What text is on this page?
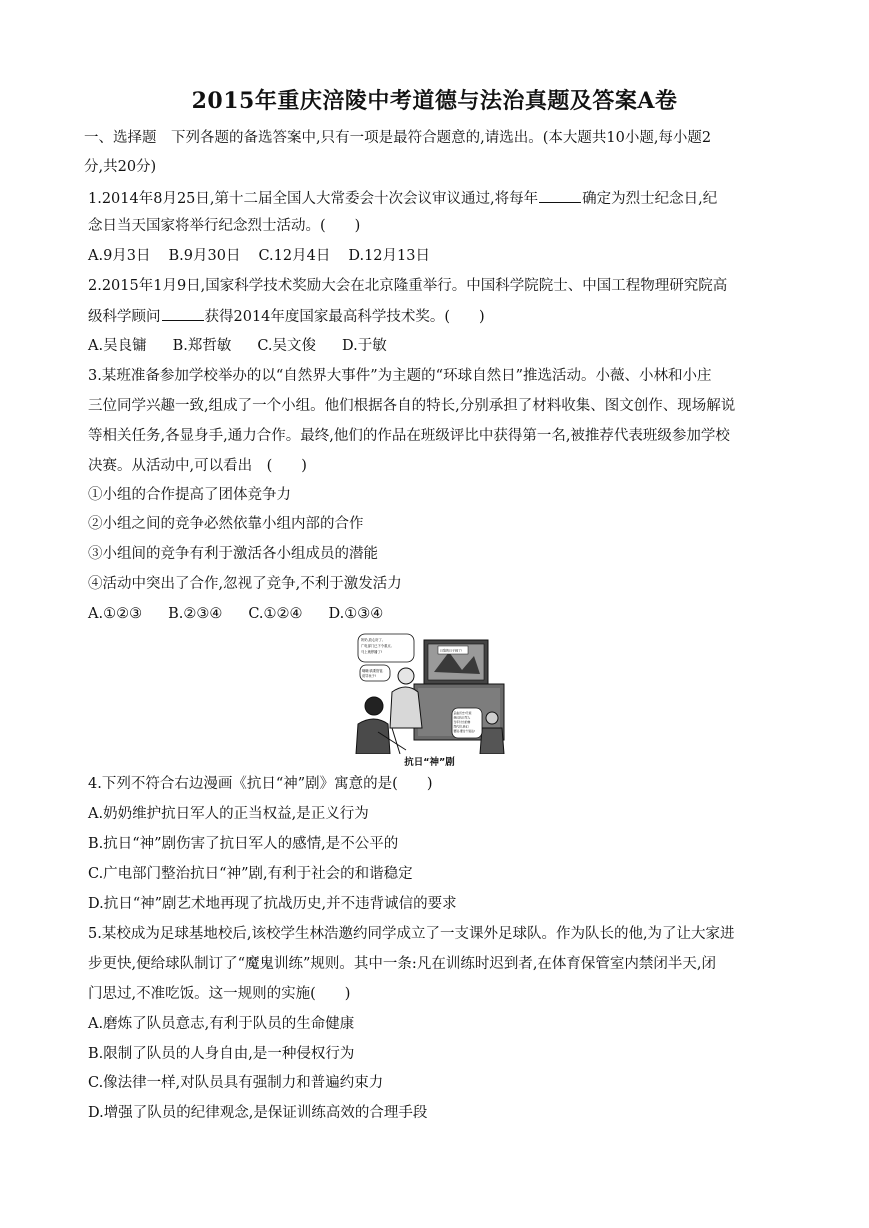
2015年重庆涪陵中考道德与法治真题及答案A卷
一、选择题　下列各题的备选答案中,只有一项是最符合题意的,请选出。(本大题共10小题,每小题2
分,共20分)
1.2014年8月25日,第十二届全国人大常委会十次会议审议通过,将每年	确定为烈士纪念日,纪
念日当天国家将举行纪念烈士活动。(　　)
A.9月3日 B.9月30日 C.12月4日 D.12月13日
2.2015年1月9日,国家科学技术奖励大会在北京隆重举行。中国科学院院士、中国工程物理研究院高
级科学顾问	获得2014年度国家最高科学技术奖。(　　)
A.吴良镛 B.郑哲敏 C.吴文俊 D.于敏
3.某班准备参加学校举办的以“自然界大事件”为主题的“环球自然日”推选活动。小薇、小林和小庄
三位同学兴趣一致,组成了一个小组。他们根据各自的特长,分别承担了材料收集、图文创作、现场解说
等相关任务,各显身手,通力合作。最终,他们的作品在班级评比中获得第一名,被推荐代表班级参加学校
决赛。从活动中,可以看出　(　　)
①小组的合作提高了团体竞争力
②小组之间的竞争必然依靠小组内部的合作
③小组间的竞争有利于激活各小组成员的潜能
④活动中突出了合作,忽视了竞争,不利于激发活力
A.①②③ B.②③④ C.①②④ D.①③④
奶奶,放心好了, 广电部门已下令重点, 马上就停播了!
哦哦!真要管管, 误导孩子!
日寇的日子到了!
歪曲历史!无视 我们抗日军人 当年付出的惨 烈代价,我们 要说,要讨个说法!
抗日“神”剧
4.下列不符合右边漫画《抗日“神”剧》寓意的是(　　)
A.奶奶维护抗日军人的正当权益,是正义行为
B.抗日“神”剧伤害了抗日军人的感情,是不公平的
C.广电部门整治抗日“神”剧,有利于社会的和谐稳定
D.抗日“神”剧艺术地再现了抗战历史,并不违背诚信的要求
5.某校成为足球基地校后,该校学生林浩邀约同学成立了一支课外足球队。作为队长的他,为了让大家进
步更快,便给球队制订了“魔鬼训练”规则。其中一条:凡在训练时迟到者,在体育保管室内禁闭半天,闭
门思过,不准吃饭。这一规则的实施(　　)
A.磨炼了队员意志,有利于队员的生命健康
B.限制了队员的人身自由,是一种侵权行为
C.像法律一样,对队员具有强制力和普遍约束力
D.增强了队员的纪律观念,是保证训练高效的合理手段
